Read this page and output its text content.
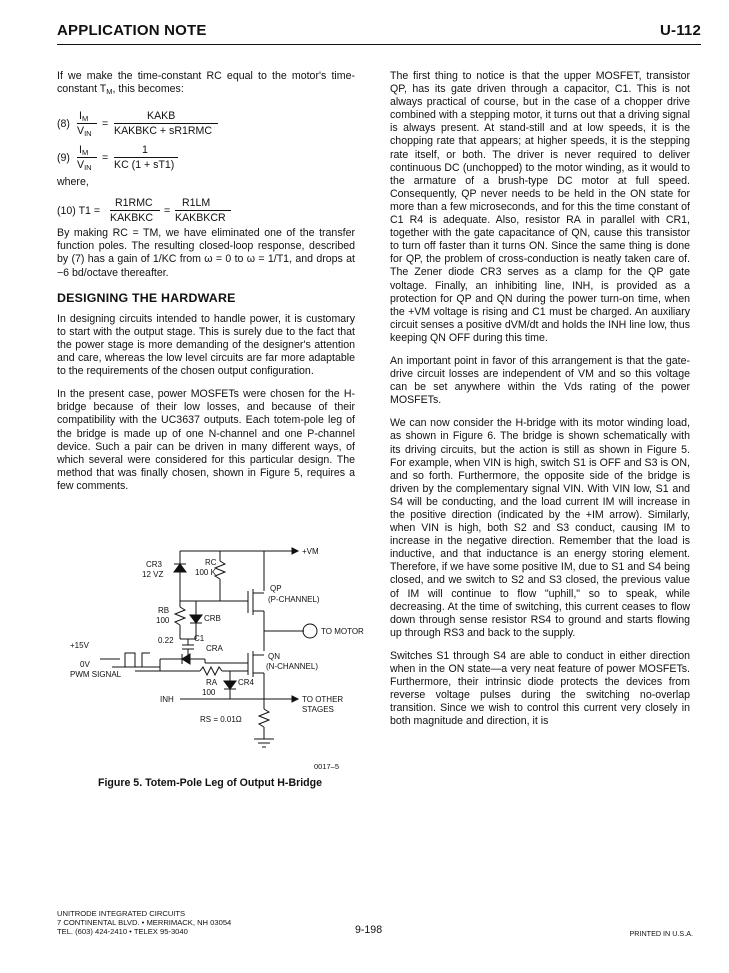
APPLICATION NOTE	U-112

If we make the time-constant RC equal to the motor's time-constant $T_M$, this becomes:

(8)
$I_M$
$V_{IN}$
=
KAKB
KAKBKC + sR1RMC
(9)
$I_M$
$V_{IN}$
=
1
KC (1 + sT1)

where,

(10) T1 =
R1RMC
KAKBKC
=
R1LM
KAKBKCR

By making RC = TM, we have eliminated one of the transfer function poles. The resulting closed-loop response, described by (7) has a gain of 1/KC from ω = 0 to ω = 1/T1, and drops at −6 bd/octave thereafter.

DESIGNING THE HARDWARE

In designing circuits intended to handle power, it is customary to start with the output stage. This is surely due to the fact that the power stage is more demanding of the designer's attention and care, whereas the low level circuits are far more adaptable to the requirements of the chosen output configuration.

In the present case, power MOSFETs were chosen for the H-bridge because of their low losses, and because of their compatibility with the UC3637 outputs. Each totem-pole leg of the bridge is made up of one N-channel and one P-channel device. Such a pair can be driven in many different ways, of which several were considered for this particular design. The method that was finally chosen, shown in Figure 5, requires a few comments.

+VM
CR3
12 VZ
RC
100 K
QP
(P-CHANNEL)
RB
100	CRB
0.22	C1
CRA
TO MOTOR
+15V
0V
PWM SIGNAL
QN
(N-CHANNEL)
RA
100
CR4
INH	TO OTHER
STAGES
RS = 0.01Ω
0017–5
Figure 5. Totem-Pole Leg of Output H-Bridge

The first thing to notice is that the upper MOSFET, transistor QP, has its gate driven through a capacitor, C1. This is not always practical of course, but in the case of a chopper drive combined with a stepping motor, it turns out that a driving signal is always present. At stand-still and at low speeds, it is the chopping rate that appears; at higher speeds, it is the stepping rate itself, or both. The driver is never required to deliver continuous DC (unchopped) to the motor winding, as it would to the armature of a brush-type DC motor at full speed. Consequently, QP never needs to be held in the ON state for more than a few microseconds, and for this the time constant of C1 R4 is adequate. Also, resistor RA in parallel with CR1, together with the gate capacitance of QN, cause this transistor to turn off faster than it turns ON. Since the same thing is done for QP, the problem of cross-conduction is neatly taken care of. The Zener diode CR3 serves as a clamp for the QP gate voltage. Finally, an inhibiting line, INH, is provided as a protection for QP and QN during the power turn-on time, when the +VM voltage is rising and C1 must be charged. An auxiliary circuit senses a positive dVM/dt and holds the INH line low, thus keeping QN OFF during this time.

An important point in favor of this arrangement is that the gate-drive circuit losses are independent of VM and so this voltage can be set anywhere within the Vds rating of the power MOSFETs.

We can now consider the H-bridge with its motor winding load, as shown in Figure 6. The bridge is shown schematically with its driving circuits, but the action is still as shown in Figure 5. For example, when VIN is high, switch S1 is OFF and S3 is ON, and so forth. Furthermore, the opposite side of the bridge is driven by the complementary signal VIN. With VIN low, S1 and S4 will be conducting, and the load current IM will increase in the positive direction (indicated by the +IM arrow). Similarly, when VIN is high, both S2 and S3 conduct, causing IM to increase in the negative direction. Remember that the load is inductive, and that inductance is an energy storing element. Therefore, if we have some positive IM, due to S1 and S4 being closed, and we switch to S2 and S3 closed, the previous value of IM will continue to flow "uphill," so to speak, while decreasing. At the time of switching, this current ceases to flow down through sense resistor RS4 to ground and starts flowing up through RS3 and back to the supply.

Switches S1 through S4 are able to conduct in either direction when in the ON state—a very neat feature of power MOSFETs. Furthermore, their intrinsic diode protects the devices from reverse voltage pulses during the switching no-overlap transition. Since we wish to control this current very closely in both magnitude and direction, it is

UNITRODE INTEGRATED CIRCUITS
7 CONTINENTAL BLVD. • MERRIMACK, NH 03054
TEL. (603) 424-2410 • TELEX 95-3040	9-198	PRINTED IN U.S.A.
